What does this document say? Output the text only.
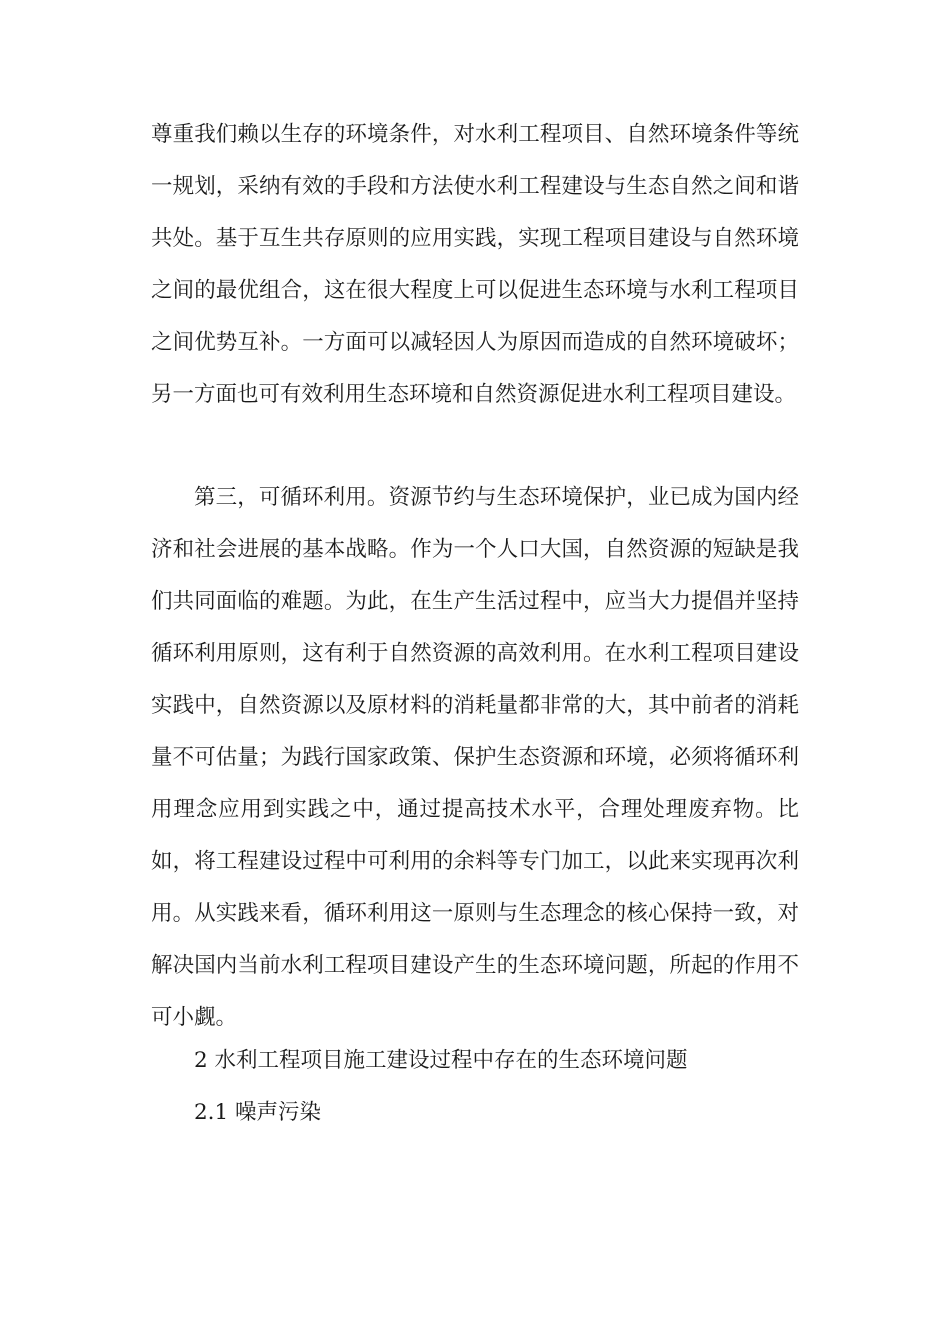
尊重我们赖以生存的环境条件，对水利工程项目、自然环境条件等统一规划，采纳有效的手段和方法使水利工程建设与生态自然之间和谐共处。基于互生共存原则的应用实践，实现工程项目建设与自然环境之间的最优组合，这在很大程度上可以促进生态环境与水利工程项目之间优势互补。一方面可以减轻因人为原因而造成的自然环境破坏；另一方面也可有效利用生态环境和自然资源促进水利工程项目建设。

第三，可循环利用。资源节约与生态环境保护，业已成为国内经济和社会进展的基本战略。作为一个人口大国，自然资源的短缺是我们共同面临的难题。为此，在生产生活过程中，应当大力提倡并坚持循环利用原则，这有利于自然资源的高效利用。在水利工程项目建设实践中，自然资源以及原材料的消耗量都非常的大，其中前者的消耗量不可估量；为践行国家政策、保护生态资源和环境，必须将循环利用理念应用到实践之中，通过提高技术水平，合理处理废弃物。比如，将工程建设过程中可利用的余料等专门加工，以此来实现再次利用。从实践来看，循环利用这一原则与生态理念的核心保持一致，对解决国内当前水利工程项目建设产生的生态环境问题，所起的作用不可小觑。

2 水利工程项目施工建设过程中存在的生态环境问题
2.1 噪声污染
